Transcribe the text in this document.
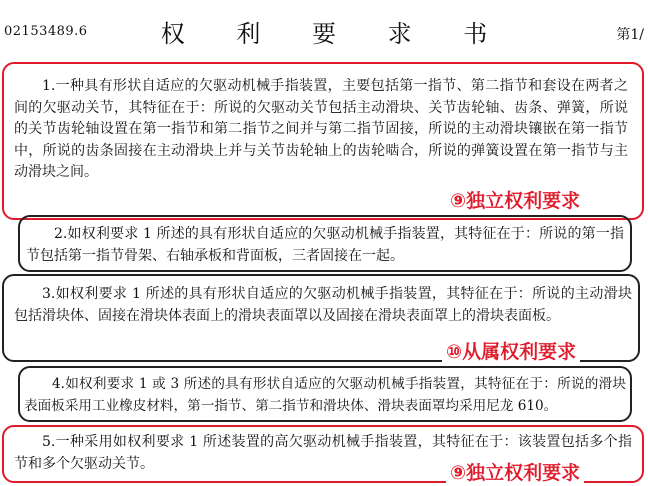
02153489.6	权 利 要 求 书	第1/

1.一种具有形状自适应的欠驱动机械手指装置，主要包括第一指节、第二指节和套设在两者之间的欠驱动关节，其特征在于：所说的欠驱动关节包括主动滑块、关节齿轮轴、齿条、弹簧，所说的关节齿轮轴设置在第一指节和第二指节之间并与第二指节固接，所说的主动滑块镶嵌在第一指节中，所说的齿条固接在主动滑块上并与关节齿轮轴上的齿轮啮合，所说的弹簧设置在第一指节与主动滑块之间。

⑨独立权利要求

2.如权利要求 1 所述的具有形状自适应的欠驱动机械手指装置，其特征在于：所说的第一指节包括第一指节骨架、右轴承板和背面板，三者固接在一起。

3.如权利要求 1 所述的具有形状自适应的欠驱动机械手指装置，其特征在于：所说的主动滑块包括滑块体、固接在滑块体表面上的滑块表面罩以及固接在滑块表面罩上的滑块表面板。

⑩从属权利要求

4.如权利要求 1 或 3 所述的具有形状自适应的欠驱动机械手指装置，其特征在于：所说的滑块表面板采用工业橡皮材料，第一指节、第二指节和滑块体、滑块表面罩均采用尼龙 610。

5.一种采用如权利要求 1 所述装置的高欠驱动机械手指装置，其特征在于：该装置包括多个指节和多个欠驱动关节。	⑨独立权利要求
